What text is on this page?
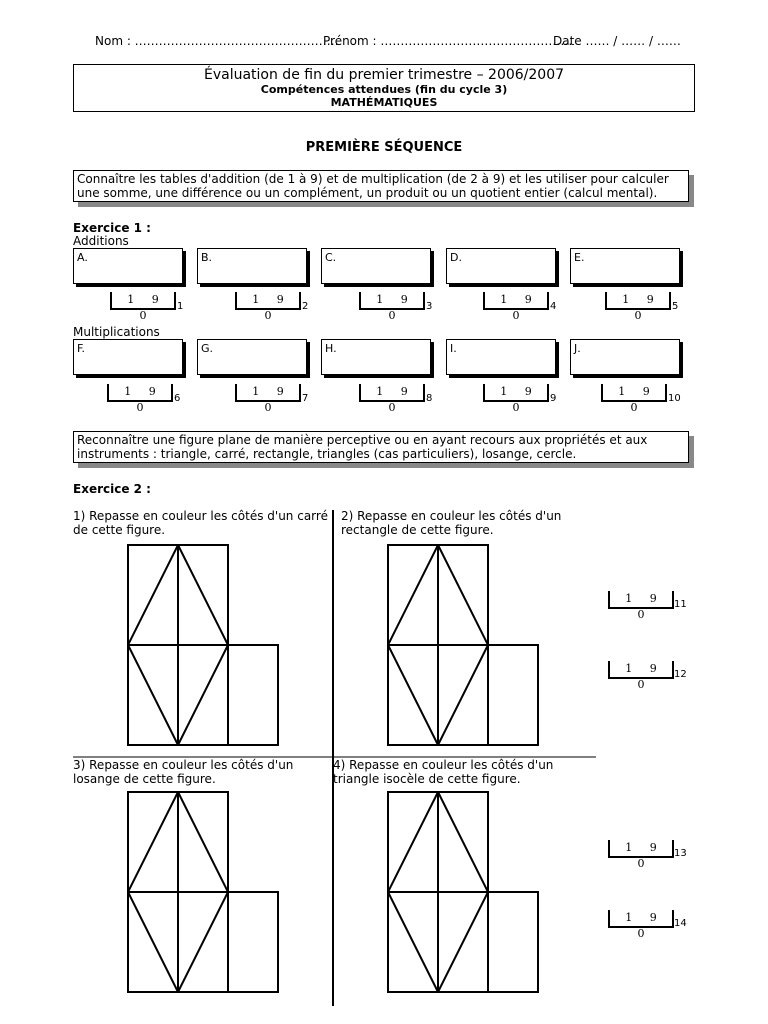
Nom : ……………………………………………
Prénom : …………………………………………
Date …… / …… / ……
Évaluation de fin du premier trimestre – 2006/2007
Compétences attendues (fin du cycle 3)
MATHÉMATIQUES
PREMIÈRE SÉQUENCE
Connaître les tables d'addition (de 1 à 9) et de multiplication (de 2 à 9) et les utiliser pour calculer une somme, une différence ou un complément, un produit ou un quotient entier (calcul mental).
Exercice 1 :
Additions
A.	B.	C.	D.	E.
1 9 0
1
1 9 0
2
1 9 0
3
1 9 0
4
1 9 0
5
Multiplications
F.	G.	H.	I.	J.
1 9 0
6
1 9 0
7
1 9 0
8
1 9 0
9
1 9 0
10
Reconnaître une figure plane de manière perceptive ou en ayant recours aux propriétés et aux instruments : triangle, carré, rectangle, triangles (cas particuliers), losange, cercle.
Exercice 2 :
1) Repasse en couleur les côtés d'un carré de cette figure.
2) Repasse en couleur les côtés d'un rectangle de cette figure.
3) Repasse en couleur les côtés d'un losange de cette figure.
4) Repasse en couleur les côtés d'un triangle isocèle de cette figure.
1 9 0
11
1 9 0
12
1 9 0
13
1 9 0
14
